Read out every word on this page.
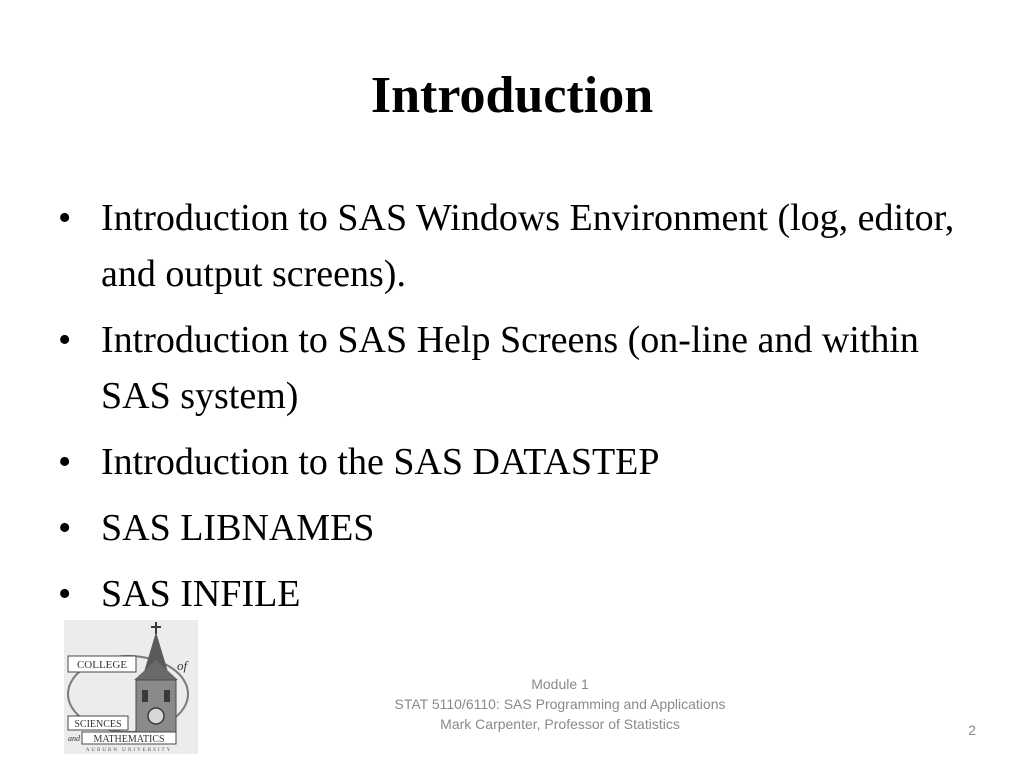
Introduction
• Introduction to SAS Windows Environment (log, editor, and output screens).
• Introduction to SAS Help Screens (on-line and within SAS system)
• Introduction to the SAS DATASTEP
• SAS LIBNAMES
• SAS INFILE
COLLEGE	of
SCIENCES
and MATHEMATICS
AUBURN UNIVERSITY
Module 1
STAT 5110/6110: SAS Programming and Applications
Mark Carpenter, Professor of Statistics	2
